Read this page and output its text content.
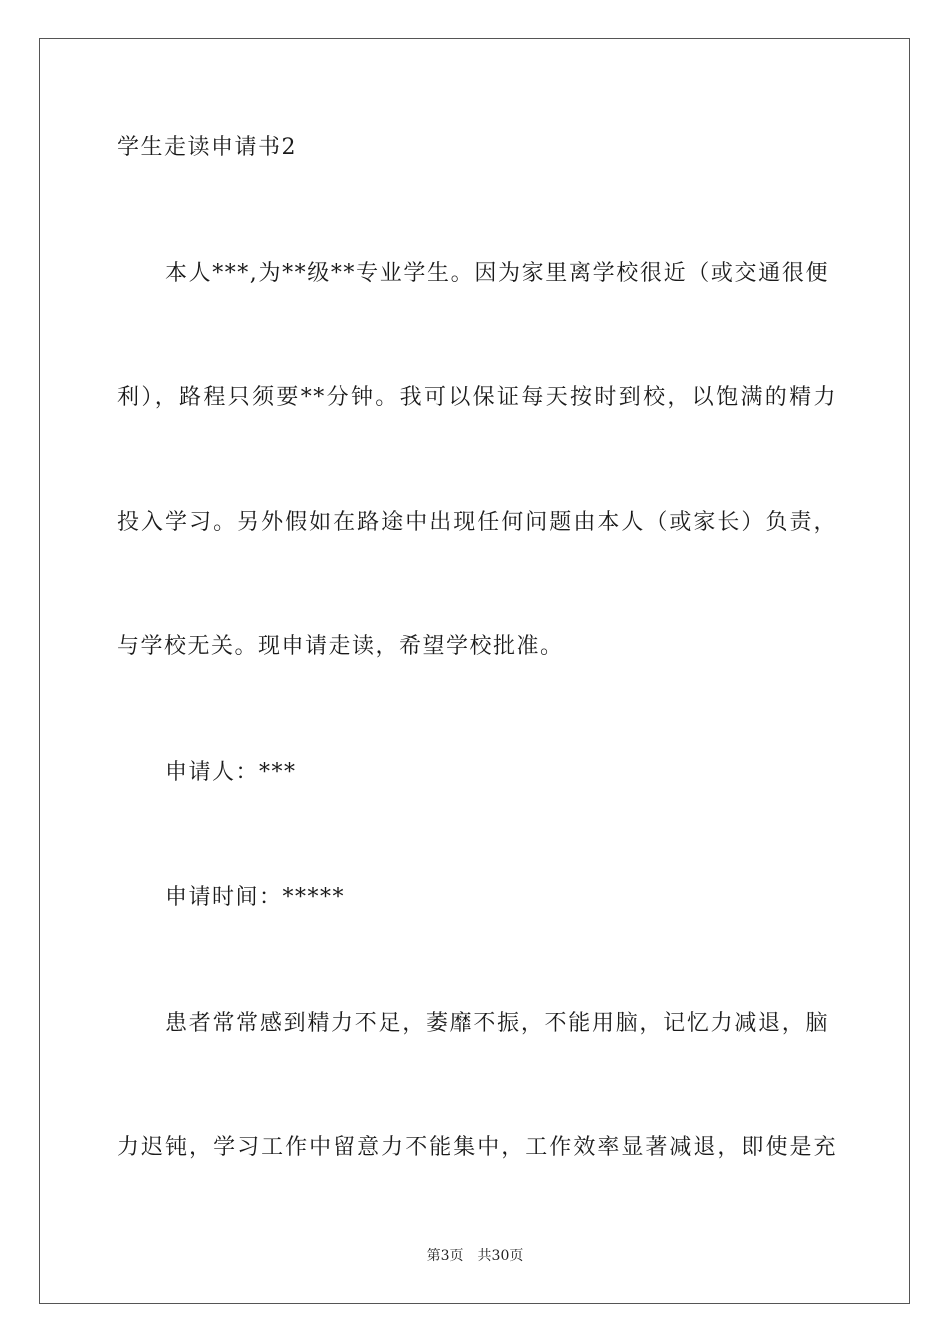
学生走读申请书2
本人***,为**级**专业学生。因为家里离学校很近（或交通很便
利），路程只须要**分钟。我可以保证每天按时到校，以饱满的精力
投入学习。另外假如在路途中出现任何问题由本人（或家长）负责，
与学校无关。现申请走读，希望学校批准。
申请人：***
申请时间：*****
患者常常感到精力不足，萎靡不振，不能用脑，记忆力减退，脑
力迟钝，学习工作中留意力不能集中，工作效率显著减退，即使是充
第3页 共30页
